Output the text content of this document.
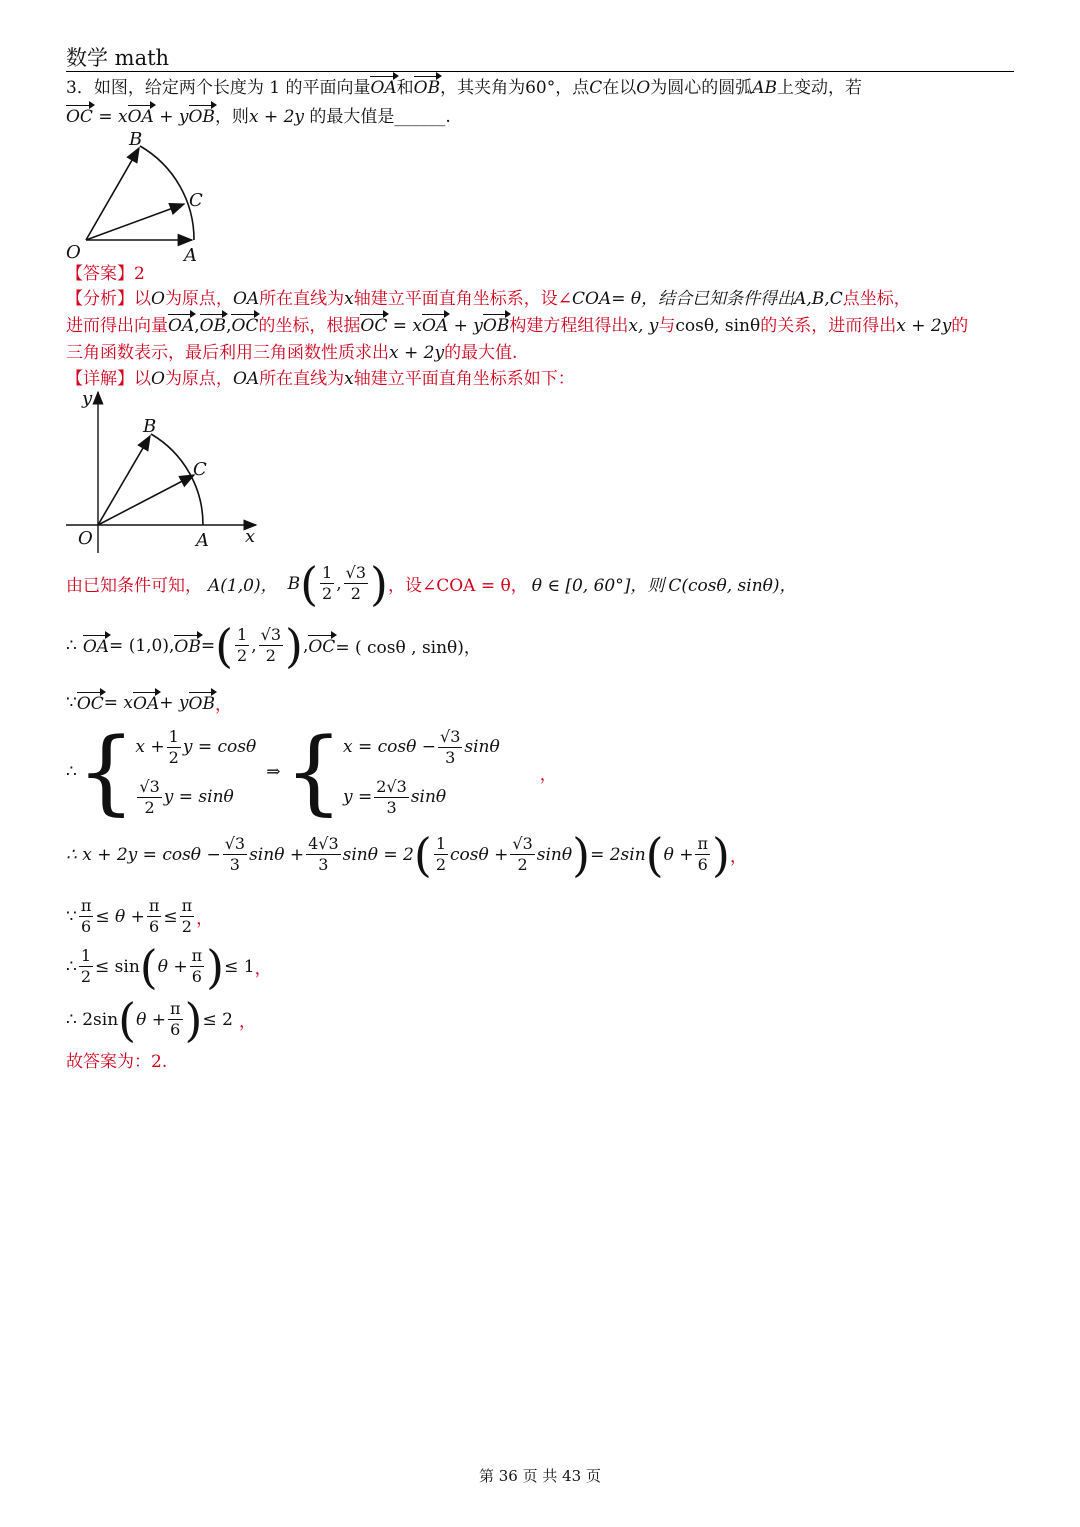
数学 math
3．如图，给定两个长度为 1 的平面向量OA和OB，其夹角为60°，点C在以O为圆心的圆弧AB上变动，若
OC = xOA + yOB，则x + 2y 的最大值是______.
O	A
B
C
【答案】2
【分析】以O为原点，OA所在直线为x轴建立平面直角坐标系，设∠COA= θ，结合已知条件得出A,B,C点坐标，
进而得出向量OA,OB,OC的坐标，根据OC = xOA + yOB构建方程组得出x, y与cosθ, sinθ的关系，进而得出x + 2y的
三角函数表示，最后利用三角函数性质求出x + 2y的最大值.
【详解】以O为原点，OA所在直线为x轴建立平面直角坐标系如下：
y
O	A
B
C
x
由已知条件可知， A(1,0)， B ( $\frac{1}{2}$ , $\frac{√3}{2}$ ) ，设∠COA = θ， θ ∈ [0, 60°]，则 C(cosθ, sinθ)，
∴ OA = (1,0), OB = ( $\frac{1}{2}$ , $\frac{√3}{2}$ ) , OC = ( cosθ , sinθ)，
∵ OC = x OA + y OB ，
∴ { $x + \frac{1}{2}$ y = cosθ
$\frac{√3}{2}$ y = sinθ
⇒ { $x = \cos\theta - \frac{√3}{3}$ sinθ
$y = \frac{2√3}{3}$ sinθ
，
∴ $x + 2y = \cos\theta - \frac{√3}{3}$ $\sin\theta + \frac{4√3}{3}$ sinθ = 2 ( $\frac{1}{2}$ $\cos\theta + \frac{√3}{2}$ sinθ ) = 2sin ( $\theta + \frac{\pi}{6}$ ) ，
∵ $\frac{\pi}{6} \le \theta + \frac{\pi}{6} \le \frac{\pi}{2}$ ，
∴ $\frac{1}{2} \le \sin$ ( $\theta + \frac{\pi}{6}$ ) ≤ 1 ，
∴ 2sin ( $\theta + \frac{\pi}{6}$ ) ≤ 2 ，
故答案为：2.
第 36 页 共 43 页
